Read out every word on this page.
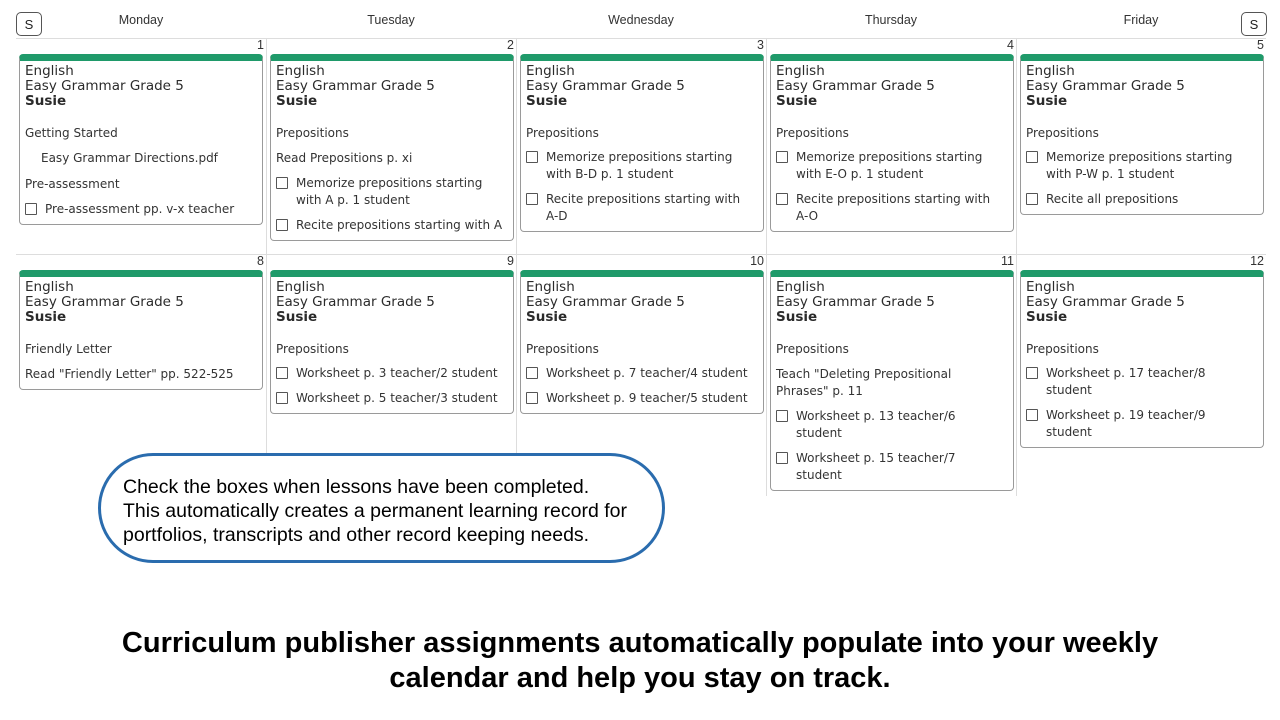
S	S
Monday	Tuesday	Wednesday	Thursday	Friday
1	2	3	4	5
English
Easy Grammar Grade 5
Susie
Getting Started
Easy Grammar Directions.pdf
Pre-assessment
Pre-assessment pp. v-x teacher
English
Easy Grammar Grade 5
Susie
Prepositions
Read Prepositions p. xi
Memorize prepositions starting
with A p. 1 student
Recite prepositions starting with A
English
Easy Grammar Grade 5
Susie
Prepositions
Memorize prepositions starting
with B-D p. 1 student
Recite prepositions starting with
A-D
English
Easy Grammar Grade 5
Susie
Prepositions
Memorize prepositions starting
with E-O p. 1 student
Recite prepositions starting with
A-O
English
Easy Grammar Grade 5
Susie
Prepositions
Memorize prepositions starting
with P-W p. 1 student
Recite all prepositions
8	9	10	11	12
English
Easy Grammar Grade 5
Susie
Friendly Letter
Read "Friendly Letter" pp. 522-525
English
Easy Grammar Grade 5
Susie
Prepositions
Worksheet p. 3 teacher/2 student
Worksheet p. 5 teacher/3 student
English
Easy Grammar Grade 5
Susie
Prepositions
Worksheet p. 7 teacher/4 student
Worksheet p. 9 teacher/5 student
English
Easy Grammar Grade 5
Susie
Prepositions
Teach "Deleting Prepositional
Phrases" p. 11
Worksheet p. 13 teacher/6
student
Worksheet p. 15 teacher/7
student
English
Easy Grammar Grade 5
Susie
Prepositions
Worksheet p. 17 teacher/8
student
Worksheet p. 19 teacher/9
student
Check the boxes when lessons have been completed.
This automatically creates a permanent learning record for
portfolios, transcripts and other record keeping needs.
Curriculum publisher assignments automatically populate into your weekly
calendar and help you stay on track.
